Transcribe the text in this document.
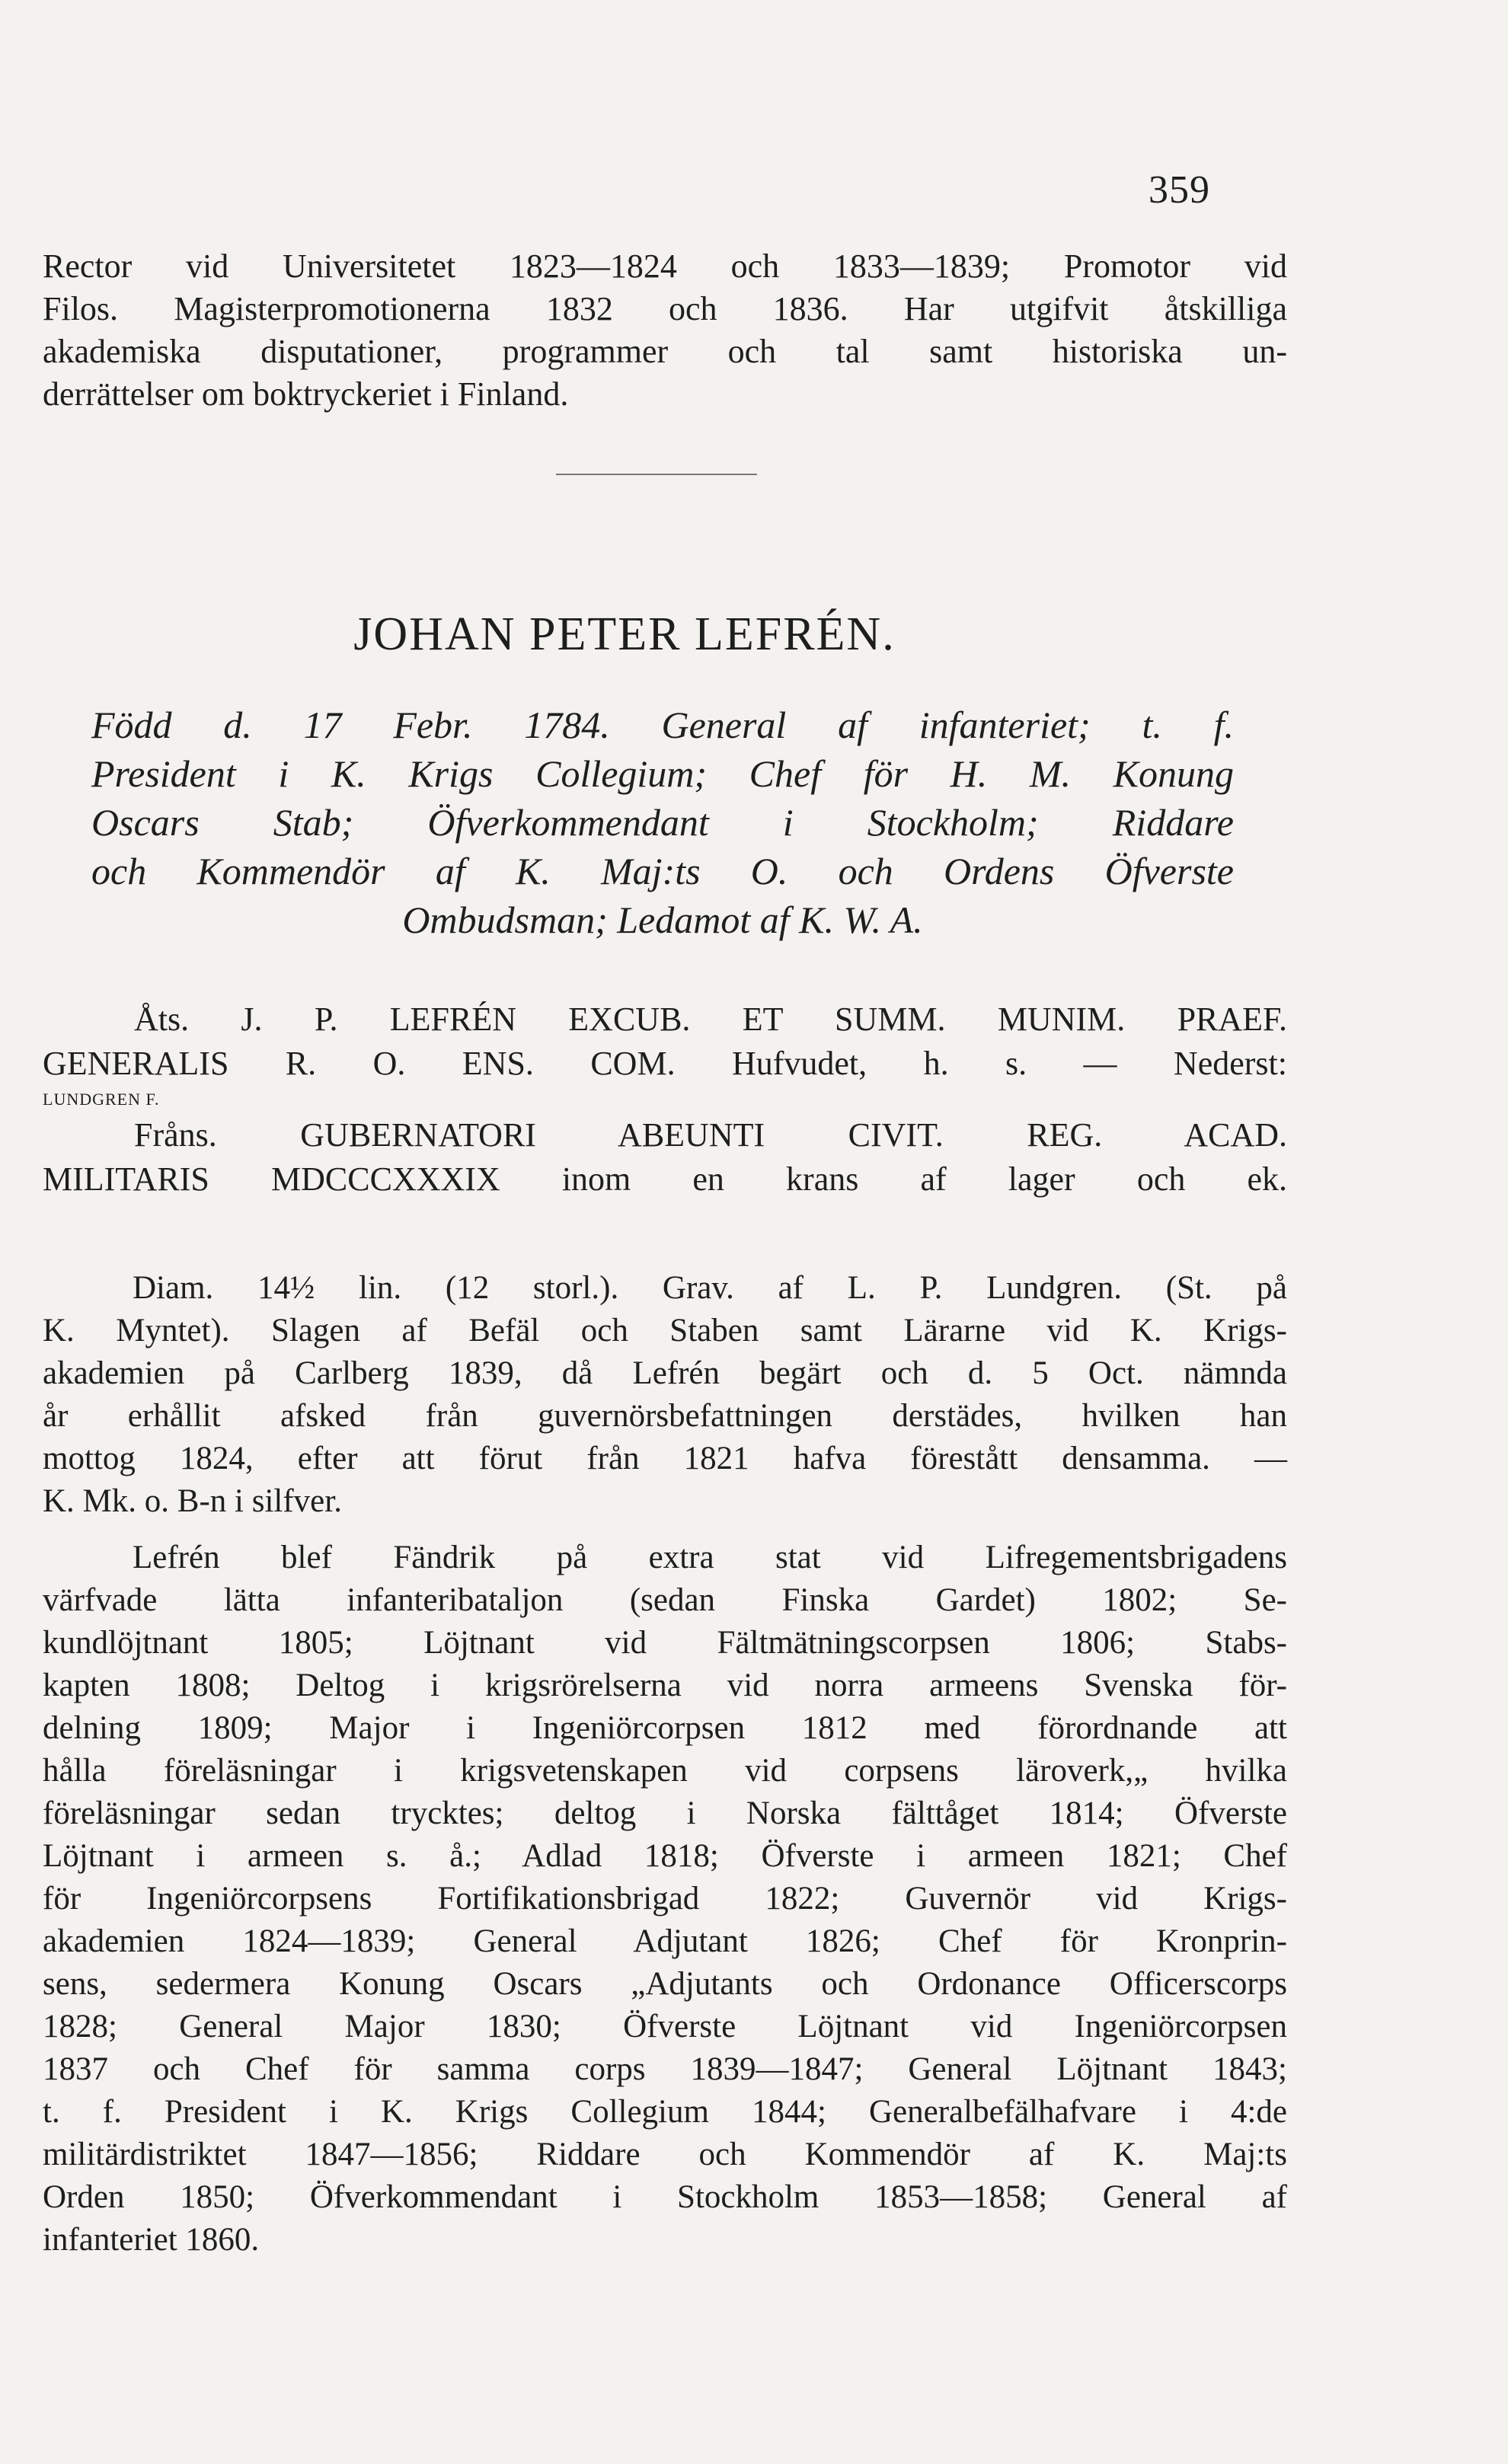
359
Rector vid Universitetet 1823—1824 och 1833—1839; Promotor vid
Filos. Magisterpromotionerna 1832 och 1836. Har utgifvit åtskilliga
akademiska disputationer, programmer och tal samt historiska un-
derrättelser om boktryckeriet i Finland.
JOHAN PETER LEFRÉN.
Född d. 17 Febr. 1784. General af infanteriet; t. f.
President i K. Krigs Collegium; Chef för H. M. Konung
Oscars Stab; Öfverkommendant i Stockholm; Riddare
och Kommendör af K. Maj:ts O. och Ordens Öfverste
Ombudsman; Ledamot af K. W. A.
Åts. J. P. LEFRÉN EXCUB. ET SUMM. MUNIM. PRAEF.
GENERALIS R. O. ENS. COM. Hufvudet, h. s. — Nederst:
LUNDGREN F.
Fråns. GUBERNATORI ABEUNTI CIVIT. REG. ACAD.
MILITARIS MDCCCXXXIX inom en krans af lager och ek.
Diam. 14½ lin. (12 storl.). Grav. af L. P. Lundgren. (St. på
K. Myntet). Slagen af Befäl och Staben samt Lärarne vid K. Krigs-
akademien på Carlberg 1839, då Lefrén begärt och d. 5 Oct. nämnda
år erhållit afsked från guvernörsbefattningen derstädes, hvilken han
mottog 1824, efter att förut från 1821 hafva förestått densamma. —
K. Mk. o. B-n i silfver.
Lefrén blef Fändrik på extra stat vid Lifregementsbrigadens
värfvade lätta infanteribataljon (sedan Finska Gardet) 1802; Se-
kundlöjtnant 1805; Löjtnant vid Fältmätningscorpsen 1806; Stabs-
kapten 1808; Deltog i krigsrörelserna vid norra armeens Svenska för-
delning 1809; Major i Ingeniörcorpsen 1812 med förordnande att
hålla föreläsningar i krigsvetenskapen vid corpsens läroverk,„ hvilka
föreläsningar sedan trycktes; deltog i Norska fälttåget 1814; Öfverste
Löjtnant i armeen s. å.; Adlad 1818; Öfverste i armeen 1821; Chef
för Ingeniörcorpsens Fortifikationsbrigad 1822; Guvernör vid Krigs-
akademien 1824—1839; General Adjutant 1826; Chef för Kronprin-
sens, sedermera Konung Oscars „Adjutants och Ordonance Officerscorps
1828; General Major 1830; Öfverste Löjtnant vid Ingeniörcorpsen
1837 och Chef för samma corps 1839—1847; General Löjtnant 1843;
t. f. President i K. Krigs Collegium 1844; Generalbefälhafvare i 4:de
militärdistriktet 1847—1856; Riddare och Kommendör af K. Maj:ts
Orden 1850; Öfverkommendant i Stockholm 1853—1858; General af
infanteriet 1860.
